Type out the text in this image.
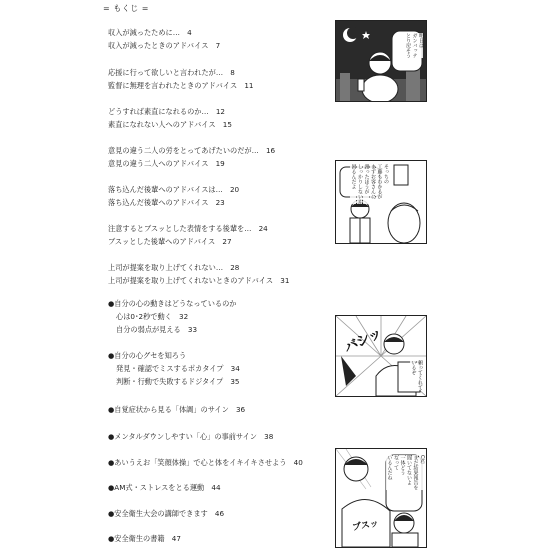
= もくじ =
収入が減ったために…　4
収入が減ったときのアドバイス　7
応援に行って欲しいと言われたが…　8
監督に無理を言われたときのアドバイス　11
どうすれば素直になれるのか…　12
素直になれない人へのアドバイス　15
意見の違う二人の労をとってあげたいのだが…　16
意見の違う二人へのアドバイス　19
落ち込んだ後輩へのアドバイスは…　20
落ち込んだ後輩へのアドバイス　23
注意するとブスッとした表情をする後輩を…　24
ブスッとした後輩へのアドバイス　27
上司が提案を取り上げてくれない…　28
上司が提案を取り上げてくれないときのアドバイス　31
●自分の心の動きはどうなっているのか
心は0･2秒で動く　32
自分の弱点が見える　33
●自分の心グセを知ろう
発見・確認でミスするポカタイプ　34
判断・行動で失敗するドジタイプ　35
●自覚症状から見る「体調」のサイン　36
●メンタルダウンしやすい「心」の事前サイン　38
●あいうえお「笑顔体操」で心と体をイキイキさせよう　40
●AM式・ストレスをとる運動　44
●安全衛生大会の講師できます　46
●安全衛生の書籍　47
明日は
ガンバッテ
とり戻そう
そっちの
工藤もわかるが
まずお客さんに
謝ったほうが
しっかりしないか
困るんだよ
バシッ
頼ってくれて
いるぞ
C君
まだ結果報告を
聞いてないよ
一体どう
なって
いるんだね
ブスッ
